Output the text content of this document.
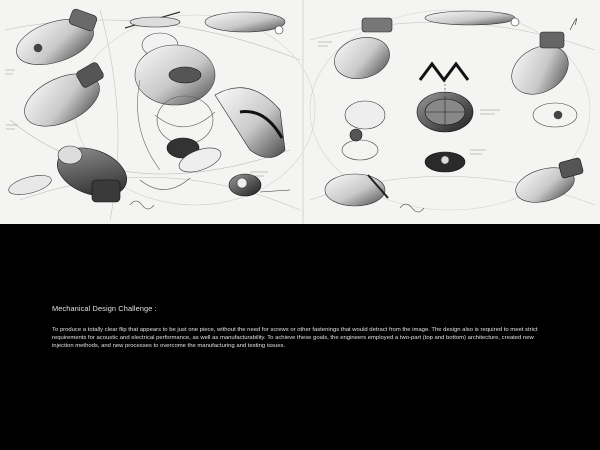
Mechanical Design Challenge :

To produce a totally clear flip that appears to be just one piece, without the need for screws or other fastenings that would detract from the image. The design also is required to meet strict requirements for acoustic and electrical performance, as well as manufacturability. To achieve these goals, the engineers employed a two-part (top and bottom) architecture, created new injection methods, and new processes to overcome the manufacturing and testing issues.
